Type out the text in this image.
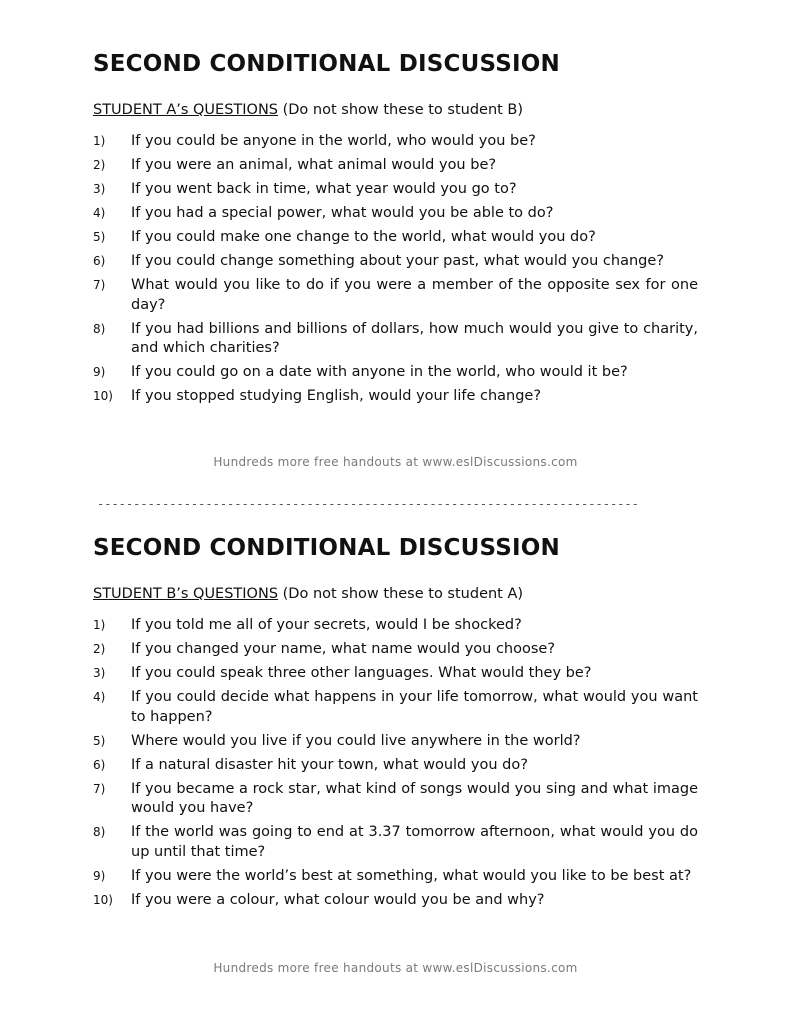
SECOND CONDITIONAL DISCUSSION
STUDENT A’s QUESTIONS (Do not show these to student B)
1)	If you could be anyone in the world, who would you be?
2)	If you were an animal, what animal would you be?
3)	If you went back in time, what year would you go to?
4)	If you had a special power, what would you be able to do?
5)	If you could make one change to the world, what would you do?
6)	If you could change something about your past, what would you change?
7)	What would you like to do if you were a member of the opposite sex for one day?
8)	If you had billions and billions of dollars, how much would you give to charity, and which charities?
9)	If you could go on a date with anyone in the world, who would it be?
10)	If you stopped studying English, would your life change?
Hundreds more free handouts at www.eslDiscussions.com
---------------------------------------------------------------------------
SECOND CONDITIONAL DISCUSSION
STUDENT B’s QUESTIONS (Do not show these to student A)
1)	If you told me all of your secrets, would I be shocked?
2)	If you changed your name, what name would you choose?
3)	If you could speak three other languages. What would they be?
4)	If you could decide what happens in your life tomorrow, what would you want to happen?
5)	Where would you live if you could live anywhere in the world?
6)	If a natural disaster hit your town, what would you do?
7)	If you became a rock star, what kind of songs would you sing and what image would you have?
8)	If the world was going to end at 3.37 tomorrow afternoon, what would you do up until that time?
9)	If you were the world’s best at something, what would you like to be best at?
10)	If you were a colour, what colour would you be and why?
Hundreds more free handouts at www.eslDiscussions.com
